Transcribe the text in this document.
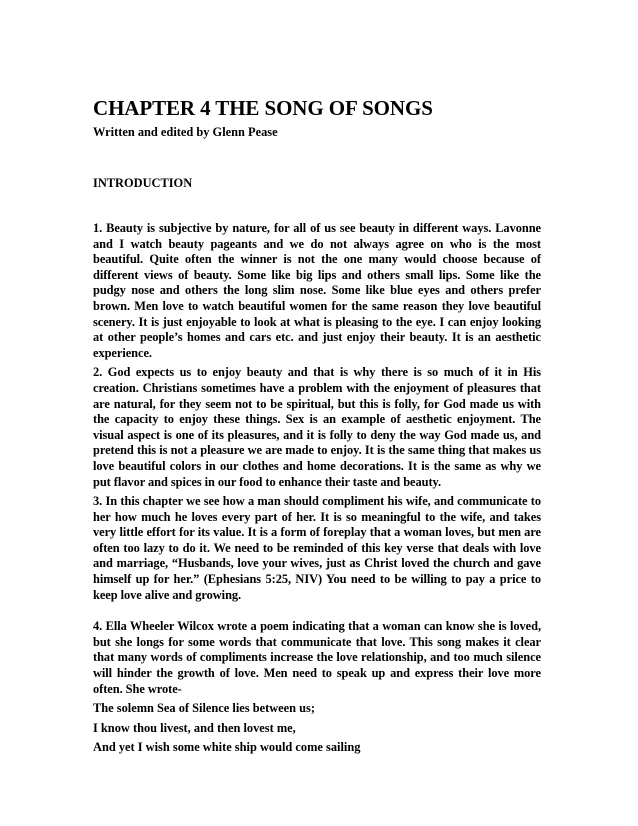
CHAPTER 4 THE SONG OF SONGS

Written and edited by Glenn Pease

INTRODUCTION

1. Beauty is subjective by nature, for all of us see beauty in different ways. Lavonne and I watch beauty pageants and we do not always agree on who is the most beautiful. Quite often the winner is not the one many would choose because of different views of beauty. Some like big lips and others small lips. Some like the pudgy nose and others the long slim nose. Some like blue eyes and others prefer brown. Men love to watch beautiful women for the same reason they love beautiful scenery. It is just enjoyable to look at what is pleasing to the eye. I can enjoy looking at other people’s homes and cars etc. and just enjoy their beauty. It is an aesthetic experience.

2. God expects us to enjoy beauty and that is why there is so much of it in His creation. Christians sometimes have a problem with the enjoyment of pleasures that are natural, for they seem not to be spiritual, but this is folly, for God made us with the capacity to enjoy these things. Sex is an example of aesthetic enjoyment. The visual aspect is one of its pleasures, and it is folly to deny the way God made us, and pretend this is not a pleasure we are made to enjoy. It is the same thing that makes us love beautiful colors in our clothes and home decorations. It is the same as why we put flavor and spices in our food to enhance their taste and beauty.

3. In this chapter we see how a man should compliment his wife, and communicate to her how much he loves every part of her. It is so meaningful to the wife, and takes very little effort for its value. It is a form of foreplay that a woman loves, but men are often too lazy to do it. We need to be reminded of this key verse that deals with love and marriage, “Husbands, love your wives, just as Christ loved the church and gave himself up for her.” (Ephesians 5:25, NIV) You need to be willing to pay a price to keep love alive and growing.

4. Ella Wheeler Wilcox wrote a poem indicating that a woman can know she is loved, but she longs for some words that communicate that love. This song makes it clear that many words of compliments increase the love relationship, and too much silence will hinder the growth of love. Men need to speak up and express their love more often. She wrote-

The solemn Sea of Silence lies between us;

I know thou livest, and then lovest me,

And yet I wish some white ship would come sailing
